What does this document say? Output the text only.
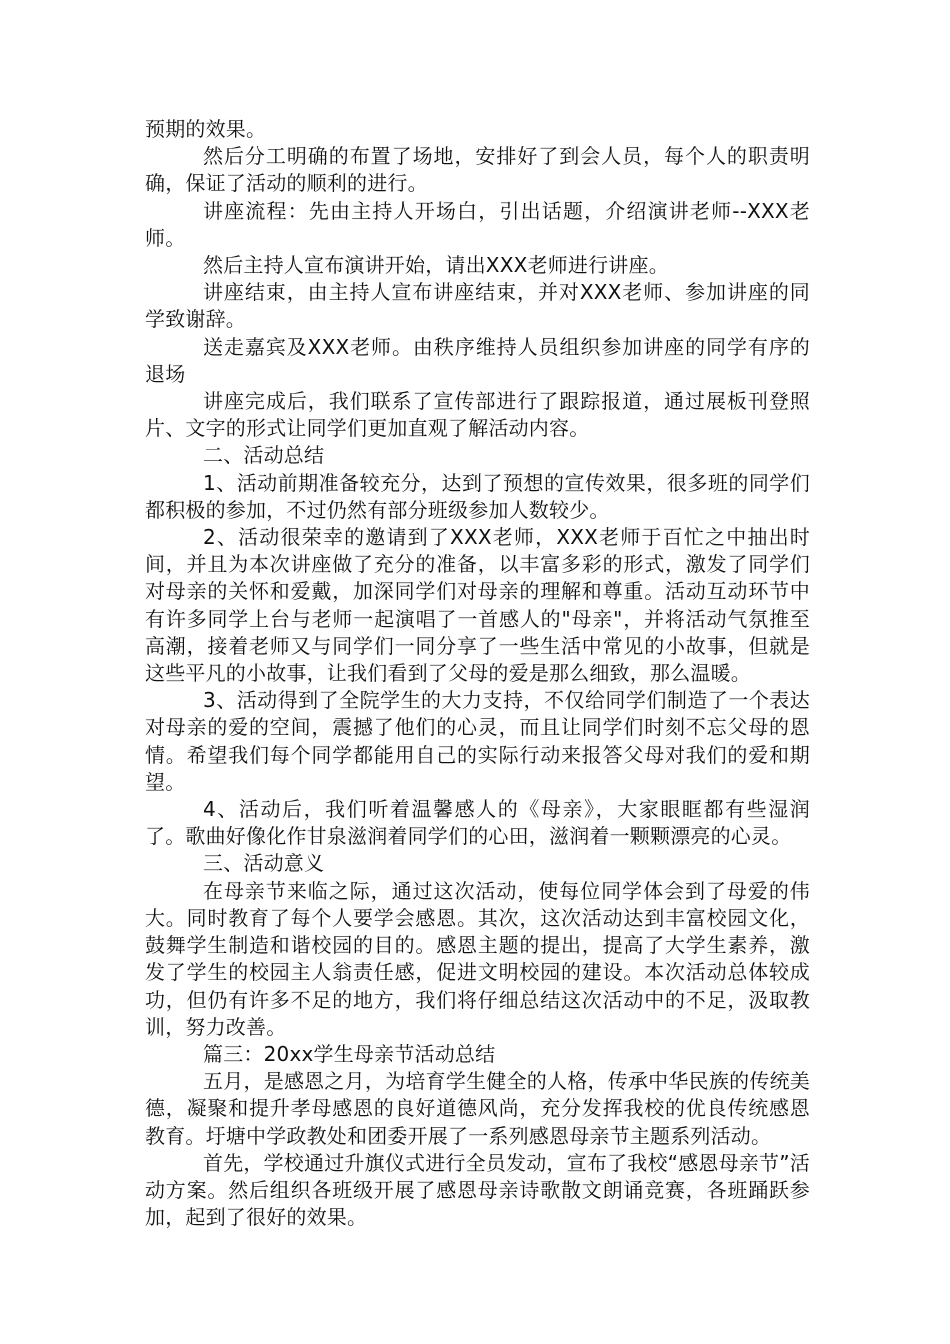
预期的效果。

然后分工明确的布置了场地，安排好了到会人员，每个人的职责明确，保证了活动的顺利的进行。

讲座流程：先由主持人开场白，引出话题，介绍演讲老师--XXX老师。

然后主持人宣布演讲开始，请出XXX老师进行讲座。

讲座结束，由主持人宣布讲座结束，并对XXX老师、参加讲座的同学致谢辞。

送走嘉宾及XXX老师。由秩序维持人员组织参加讲座的同学有序的退场

讲座完成后，我们联系了宣传部进行了跟踪报道，通过展板刊登照片、文字的形式让同学们更加直观了解活动内容。

二、活动总结

1、活动前期准备较充分，达到了预想的宣传效果，很多班的同学们都积极的参加，不过仍然有部分班级参加人数较少。

2、活动很荣幸的邀请到了XXX老师，XXX老师于百忙之中抽出时间，并且为本次讲座做了充分的准备，以丰富多彩的形式，激发了同学们对母亲的关怀和爱戴，加深同学们对母亲的理解和尊重。活动互动环节中有许多同学上台与老师一起演唱了一首感人的"母亲"，并将活动气氛推至高潮，接着老师又与同学们一同分享了一些生活中常见的小故事，但就是这些平凡的小故事，让我们看到了父母的爱是那么细致，那么温暖。

3、活动得到了全院学生的大力支持，不仅给同学们制造了一个表达对母亲的爱的空间，震撼了他们的心灵，而且让同学们时刻不忘父母的恩情。希望我们每个同学都能用自己的实际行动来报答父母对我们的爱和期望。

4、活动后，我们听着温馨感人的《母亲》，大家眼眶都有些湿润了。歌曲好像化作甘泉滋润着同学们的心田，滋润着一颗颗漂亮的心灵。

三、活动意义

在母亲节来临之际，通过这次活动，使每位同学体会到了母爱的伟大。同时教育了每个人要学会感恩。其次，这次活动达到丰富校园文化，鼓舞学生制造和谐校园的目的。感恩主题的提出，提高了大学生素养，激发了学生的校园主人翁责任感，促进文明校园的建设。本次活动总体较成功，但仍有许多不足的地方，我们将仔细总结这次活动中的不足，汲取教训，努力改善。

篇三：20xx学生母亲节活动总结

五月，是感恩之月，为培育学生健全的人格，传承中华民族的传统美德，凝聚和提升孝母感恩的良好道德风尚，充分发挥我校的优良传统感恩教育。圩塘中学政教处和团委开展了一系列感恩母亲节主题系列活动。

首先，学校通过升旗仪式进行全员发动，宣布了我校“感恩母亲节”活动方案。然后组织各班级开展了感恩母亲诗歌散文朗诵竞赛，各班踊跃参加，起到了很好的效果。
